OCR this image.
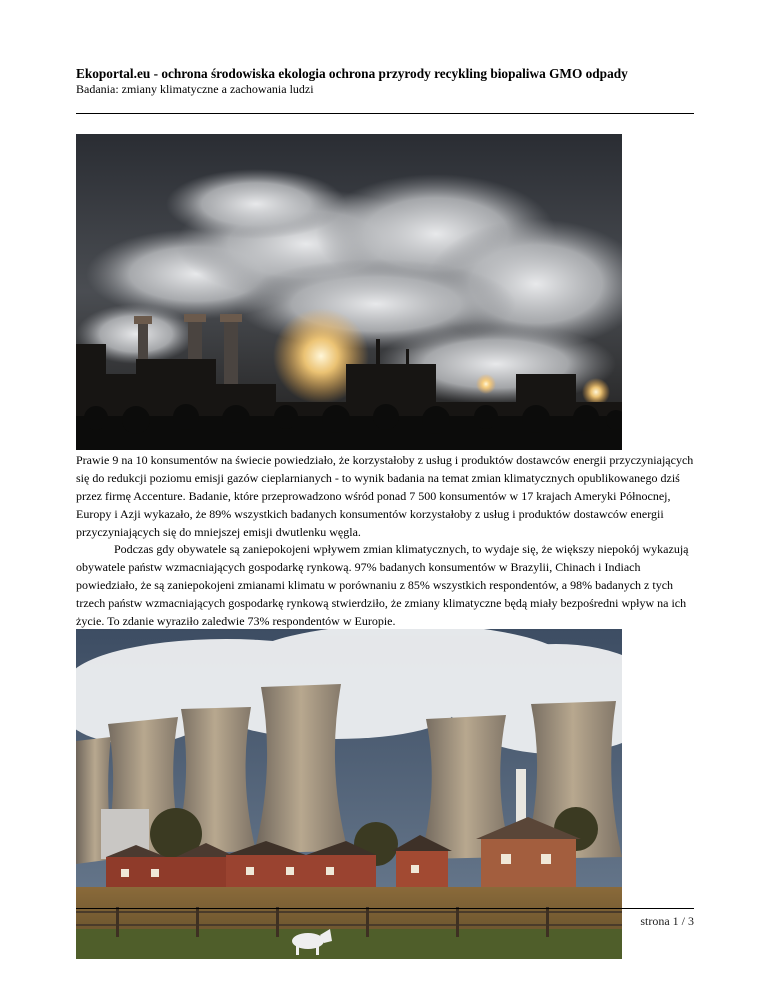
Ekoportal.eu - ochrona środowiska ekologia ochrona przyrody recykling biopaliwa GMO odpady

Badania: zmiany klimatyczne a zachowania ludzi

Prawie 9 na 10 konsumentów na świecie powiedziało, że korzystałoby z usług i produktów dostawców energii przyczyniających się do redukcji poziomu emisji gazów cieplarnianych - to wynik badania na temat zmian klimatycznych opublikowanego dziś przez firmę Accenture. Badanie, które przeprowadzono wśród ponad 7 500 konsumentów w 17 krajach Ameryki Północnej, Europy i Azji wykazało, że 89% wszystkich badanych konsumentów korzystałoby z usług i produktów dostawców energii przyczyniających się do mniejszej emisji dwutlenku węgla.

Podczas gdy obywatele są zaniepokojeni wpływem zmian klimatycznych, to wydaje się, że większy niepokój wykazują obywatele państw wzmacniających gospodarkę rynkową. 97% badanych konsumentów w Brazylii, Chinach i Indiach powiedziało, że są zaniepokojeni zmianami klimatu w porównaniu z 85% wszystkich respondentów, a 98% badanych z tych trzech państw wzmacniających gospodarkę rynkową stwierdziło, że zmiany klimatyczne będą miały bezpośredni wpływ na ich życie. To zdanie wyraziło zaledwie 73% respondentów w Europie.

strona 1 / 3
